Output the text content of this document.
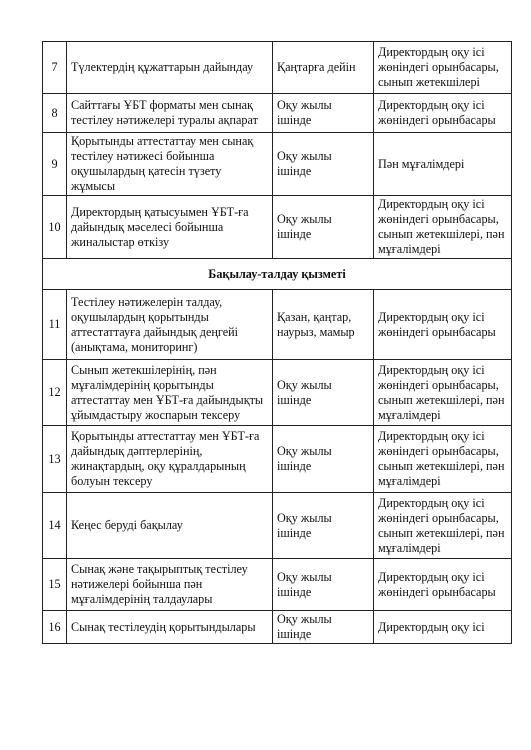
7	Түлектердің құжаттарын дайындау	Қаңтарға дейін	Директордың оқу ісі жөніндегі орынбасары, сынып жетекшілері
8	Сайттағы ҰБТ форматы мен сынақ тестілеу нәтижелері туралы ақпарат	Оқу жылы ішінде	Директордың оқу ісі жөніндегі орынбасары
9	Қорытынды аттестаттау мен сынақ тестілеу нәтижесі бойынша оқушылардың қатесін түзету жұмысы	Оқу жылы ішінде	Пән мұғалімдері
10	Директордың қатысуымен ҰБТ-ға дайындық мәселесі бойынша жиналыстар өткізу	Оқу жылы ішінде	Директордың оқу ісі жөніндегі орынбасары, сынып жетекшілері, пән мұғалімдері
Бақылау-талдау қызметі			
11	Тестілеу нәтижелерін талдау, оқушылардың қорытынды аттестаттауға дайындық деңгейі (анықтама, мониторинг)	Қазан, қаңтар, наурыз, мамыр	Директордың оқу ісі жөніндегі орынбасары
12	Сынып жетекшілерінің, пән мұғалімдерінің қорытынды аттестаттау мен ҰБТ-ға дайындықты ұйымдастыру жоспарын тексеру	Оқу жылы ішінде	Директордың оқу ісі жөніндегі орынбасары, сынып жетекшілері, пән мұғалімдері
13	Қорытынды аттестаттау мен ҰБТ-ға дайындық дәптерлерінің, жинақтардың, оқу құралдарының болуын тексеру	Оқу жылы ішінде	Директордың оқу ісі жөніндегі орынбасары, сынып жетекшілері, пән мұғалімдері
14	Кеңес беруді бақылау	Оқу жылы ішінде	Директордың оқу ісі жөніндегі орынбасары, сынып жетекшілері, пән мұғалімдері
15	Сынақ және тақырыптық тестілеу нәтижелері бойынша пән мұғалімдерінің талдаулары	Оқу жылы ішінде	Директордың оқу ісі жөніндегі орынбасары
16	Сынақ тестілеудің қорытындылары	Оқу жылы ішінде	Директордың оқу ісі
